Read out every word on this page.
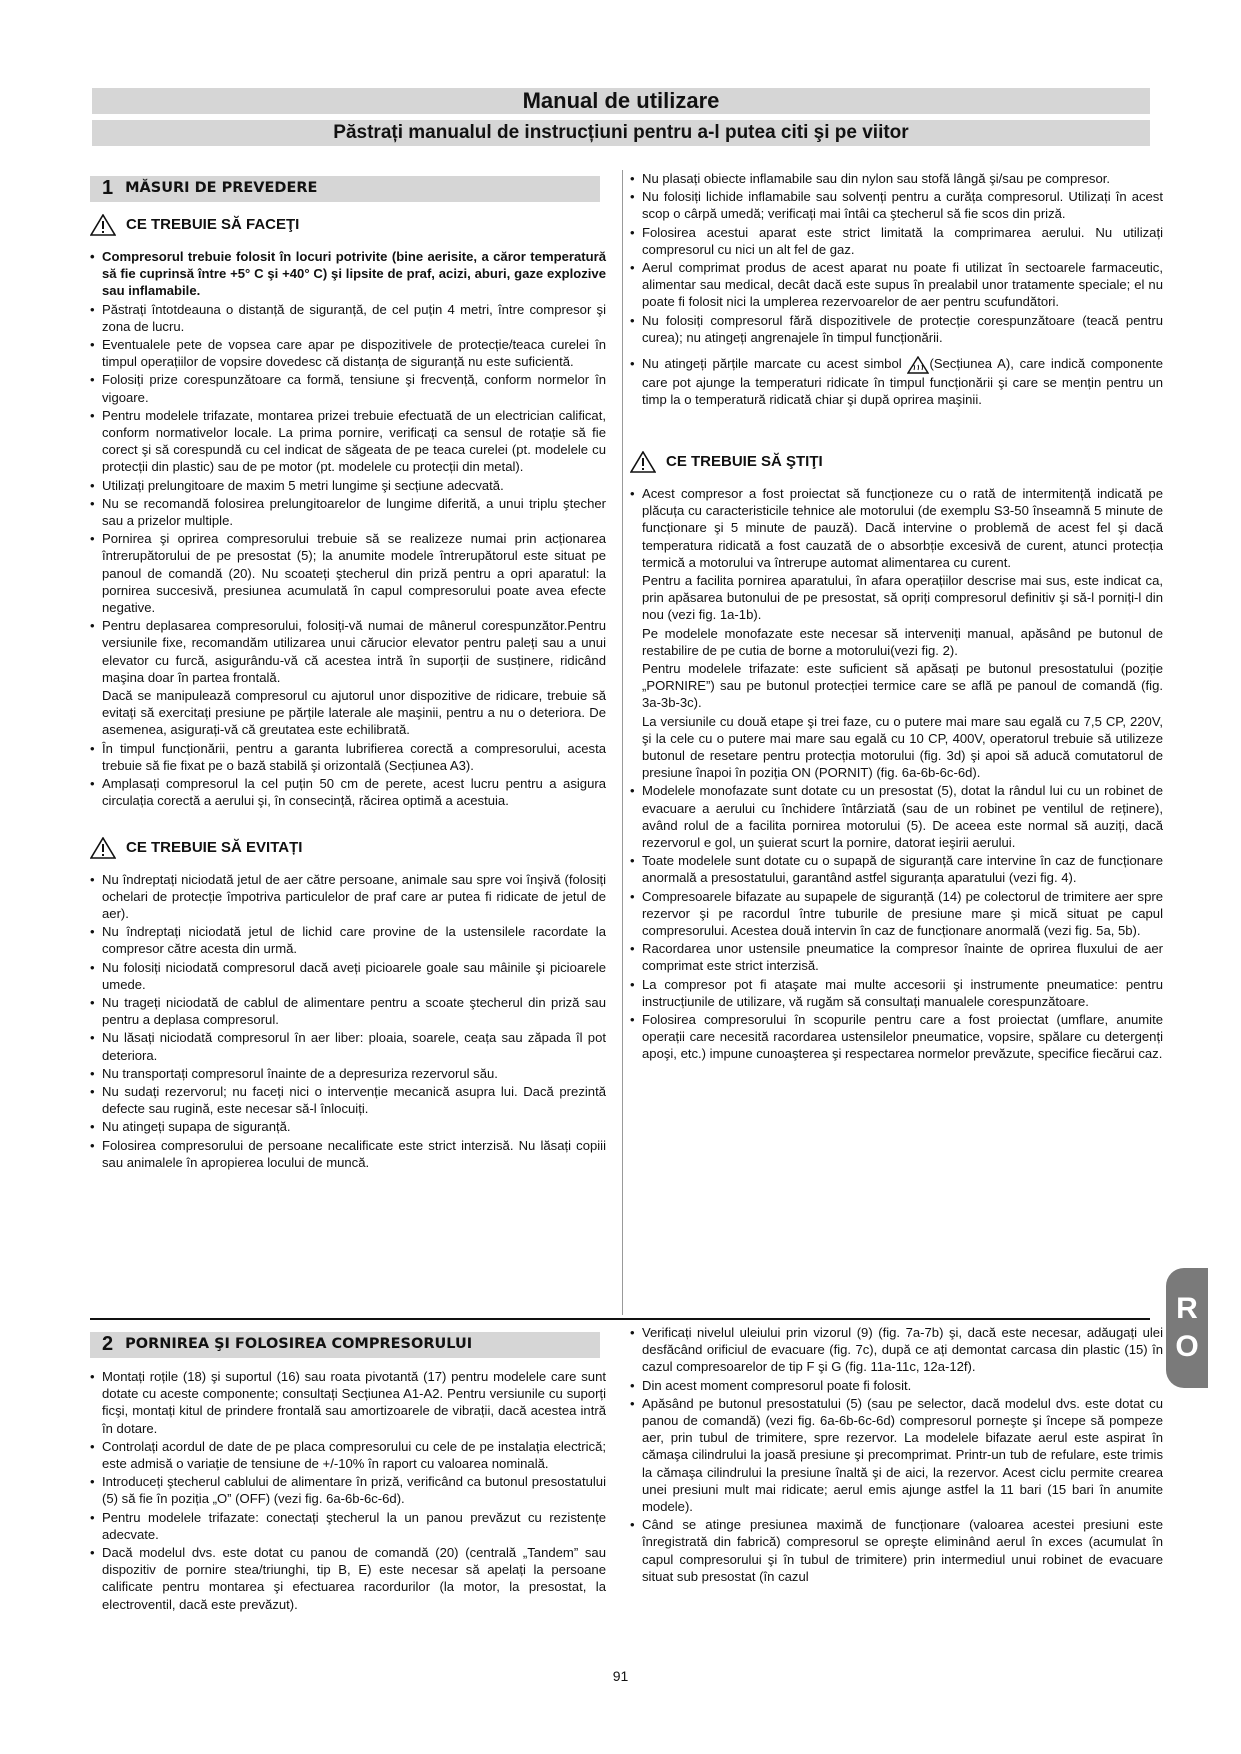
Manual de utilizare
Păstrați manualul de instrucțiuni pentru a-l putea citi şi pe viitor
1 MĂSURI DE PREVEDERE
CE TREBUIE SĂ FACEŢI
• Compresorul trebuie folosit în locuri potrivite (bine aerisite, a căror temperatură să fie cuprinsă între +5° C şi +40° C) şi lipsite de praf, acizi, aburi, gaze explozive sau inflamabile.
• Păstrați întotdeauna o distanță de siguranță, de cel puțin 4 metri, între compresor şi zona de lucru.
• Eventualele pete de vopsea care apar pe dispozitivele de protecție/teaca curelei în timpul operațiilor de vopsire dovedesc că distanța de siguranță nu este suficientă.
• Folosiți prize corespunzătoare ca formă, tensiune şi frecvență, conform normelor în vigoare.
• Pentru modelele trifazate, montarea prizei trebuie efectuată de un electrician calificat, conform normativelor locale. La prima pornire, verificați ca sensul de rotație să fie corect şi să corespundă cu cel indicat de săgeata de pe teaca curelei (pt. modelele cu protecții din plastic) sau de pe motor (pt. modelele cu protecții din metal).
• Utilizați prelungitoare de maxim 5 metri lungime şi secțiune adecvată.
• Nu se recomandă folosirea prelungitoarelor de lungime diferită, a unui triplu ştecher sau a prizelor multiple.
• Pornirea şi oprirea compresorului trebuie să se realizeze numai prin acționarea întrerupătorului de pe presostat (5); la anumite modele întrerupătorul este situat pe panoul de comandă (20). Nu scoateți ştecherul din priză pentru a opri aparatul: la pornirea succesivă, presiunea acumulată în capul compresorului poate avea efecte negative.
• Pentru deplasarea compresorului, folosiți-vă numai de mânerul corespunzător.Pentru versiunile fixe, recomandăm utilizarea unui cărucior elevator pentru paleți sau a unui elevator cu furcă, asigurându-vă că acestea intră în suporții de susținere, ridicând maşina doar în partea frontală.
Dacă se manipulează compresorul cu ajutorul unor dispozitive de ridicare, trebuie să evitați să exercitați presiune pe părțile laterale ale maşinii, pentru a nu o deteriora. De asemenea, asigurați-vă că greutatea este echilibrată.
• În timpul funcționării, pentru a garanta lubrifierea corectă a compresorului, acesta trebuie să fie fixat pe o bază stabilă şi orizontală (Secțiunea A3).
• Amplasați compresorul la cel puțin 50 cm de perete, acest lucru pentru a asigura circulația corectă a aerului şi, în consecință, răcirea optimă a acestuia.
CE TREBUIE SĂ EVITAȚI
• Nu îndreptați niciodată jetul de aer către persoane, animale sau spre voi înşivă (folosiți ochelari de protecție împotriva particulelor de praf care ar putea fi ridicate de jetul de aer).
• Nu îndreptați niciodată jetul de lichid care provine de la ustensilele racordate la compresor către acesta din urmă.
• Nu folosiți niciodată compresorul dacă aveți picioarele goale sau mâinile şi picioarele umede.
• Nu trageți niciodată de cablul de alimentare pentru a scoate ştecherul din priză sau pentru a deplasa compresorul.
• Nu lăsați niciodată compresorul în aer liber: ploaia, soarele, ceața sau zăpada îl pot deteriora.
• Nu transportați compresorul înainte de a depresuriza rezervorul său.
• Nu sudați rezervorul; nu faceți nici o intervenție mecanică asupra lui. Dacă prezintă defecte sau rugină, este necesar să-l înlocuiți.
• Nu atingeți supapa de siguranță.
• Folosirea compresorului de persoane necalificate este strict interzisă. Nu lăsați copiii sau animalele în apropierea locului de muncă.
• Nu plasați obiecte inflamabile sau din nylon sau stofă lângă şi/sau pe compresor.
• Nu folosiți lichide inflamabile sau solvenți pentru a curăța compresorul. Utilizați în acest scop o cârpă umedă; verificați mai întâi ca ştecherul să fie scos din priză.
• Folosirea acestui aparat este strict limitată la comprimarea aerului. Nu utilizați compresorul cu nici un alt fel de gaz.
• Aerul comprimat produs de acest aparat nu poate fi utilizat în sectoarele farmaceutic, alimentar sau medical, decât dacă este supus în prealabil unor tratamente speciale; el nu poate fi folosit nici la umplerea rezervoarelor de aer pentru scufundători.
• Nu folosiți compresorul fără dispozitivele de protecție corespunzătoare (teacă pentru curea); nu atingeți angrenajele în timpul funcționării.
• Nu atingeți părțile marcate cu acest simbol (Secțiunea A), care indică componente care pot ajunge la temperaturi ridicate în timpul funcționării şi care se mențin pentru un timp la o temperatură ridicată chiar şi după oprirea maşinii.
CE TREBUIE SĂ ŞTIŢI
• Acest compresor a fost proiectat să funcționeze cu o rată de intermitență indicată pe plăcuța cu caracteristicile tehnice ale motorului (de exemplu S3-50 înseamnă 5 minute de funcționare şi 5 minute de pauză). Dacă intervine o problemă de acest fel şi dacă temperatura ridicată a fost cauzată de o absorbție excesivă de curent, atunci protecția termică a motorului va întrerupe automat alimentarea cu curent.
Pentru a facilita pornirea aparatului, în afara operațiilor descrise mai sus, este indicat ca, prin apăsarea butonului de pe presostat, să opriți compresorul definitiv şi să-l porniți-l din nou (vezi fig. 1a-1b).
Pe modelele monofazate este necesar să interveniți manual, apăsând pe butonul de restabilire de pe cutia de borne a motorului(vezi fig. 2).
Pentru modelele trifazate: este suficient să apăsați pe butonul presostatului (poziție „PORNIRE”) sau pe butonul protecției termice care se află pe panoul de comandă (fig. 3a-3b-3c).
La versiunile cu două etape şi trei faze, cu o putere mai mare sau egală cu 7,5 CP, 220V, şi la cele cu o putere mai mare sau egală cu 10 CP, 400V, operatorul trebuie să utilizeze butonul de resetare pentru protecția motorului (fig. 3d) şi apoi să aducă comutatorul de presiune înapoi în poziția ON (PORNIT) (fig. 6a-6b-6c-6d).
• Modelele monofazate sunt dotate cu un presostat (5), dotat la rândul lui cu un robinet de evacuare a aerului cu închidere întârziată (sau de un robinet pe ventilul de reținere), având rolul de a facilita pornirea motorului (5). De aceea este normal să auziți, dacă rezervorul e gol, un şuierat scurt la pornire, datorat ieşirii aerului.
• Toate modelele sunt dotate cu o supapă de siguranță care intervine în caz de funcționare anormală a presostatului, garantând astfel siguranța aparatului (vezi fig. 4).
• Compresoarele bifazate au supapele de siguranță (14) pe colectorul de trimitere aer spre rezervor şi pe racordul între tuburile de presiune mare şi mică situat pe capul compresorului. Acestea două intervin în caz de funcționare anormală (vezi fig. 5a, 5b).
• Racordarea unor ustensile pneumatice la compresor înainte de oprirea fluxului de aer comprimat este strict interzisă.
• La compresor pot fi ataşate mai multe accesorii şi instrumente pneumatice: pentru instrucțiunile de utilizare, vă rugăm să consultați manualele corespunzătoare.
• Folosirea compresorului în scopurile pentru care a fost proiectat (umflare, anumite operații care necesită racordarea ustensilelor pneumatice, vopsire, spălare cu detergenți apoşi, etc.) impune cunoaşterea şi respectarea normelor prevăzute, specifice fiecărui caz.
2 PORNIREA ŞI FOLOSIREA COMPRESORULUI
• Montați roțile (18) şi suportul (16) sau roata pivotantă (17) pentru modelele care sunt dotate cu aceste componente; consultați Secțiunea A1-A2. Pentru versiunile cu suporți ficşi, montați kitul de prindere frontală sau amortizoarele de vibrații, dacă acestea intră în dotare.
• Controlați acordul de date de pe placa compresorului cu cele de pe instalația electrică; este admisă o variație de tensiune de +/-10% în raport cu valoarea nominală.
• Introduceți ştecherul cablului de alimentare în priză, verificând ca butonul presostatului (5) să fie în poziția „O” (OFF) (vezi fig. 6a-6b-6c-6d).
• Pentru modelele trifazate: conectați ştecherul la un panou prevăzut cu rezistențe adecvate.
• Dacă modelul dvs. este dotat cu panou de comandă (20) (centrală „Tandem” sau dispozitiv de pornire stea/triunghi, tip B, E) este necesar să apelați la persoane calificate pentru montarea şi efectuarea racordurilor (la motor, la presostat, la electroventil, dacă este prevăzut).
• Verificați nivelul uleiului prin vizorul (9) (fig. 7a-7b) şi, dacă este necesar, adăugați ulei desfăcând orificiul de evacuare (fig. 7c), după ce ați demontat carcasa din plastic (15) în cazul compresoarelor de tip F şi G (fig. 11a-11c, 12a-12f).
• Din acest moment compresorul poate fi folosit.
• Apăsând pe butonul presostatului (5) (sau pe selector, dacă modelul dvs. este dotat cu panou de comandă) (vezi fig. 6a-6b-6c-6d) compresorul porneşte şi începe să pompeze aer, prin tubul de trimitere, spre rezervor. La modelele bifazate aerul este aspirat în cămaşa cilindrului la joasă presiune şi precomprimat. Printr-un tub de refulare, este trimis la cămaşa cilindrului la presiune înaltă şi de aici, la rezervor. Acest ciclu permite crearea unei presiuni mult mai ridicate; aerul emis ajunge astfel la 11 bari (15 bari în anumite modele).
• Când se atinge presiunea maximă de funcționare (valoarea acestei presiuni este înregistrată din fabrică) compresorul se opreşte eliminând aerul în exces (acumulat în capul compresorului şi în tubul de trimitere) prin intermediul unui robinet de evacuare situat sub presostat (în cazul
R
O
91
